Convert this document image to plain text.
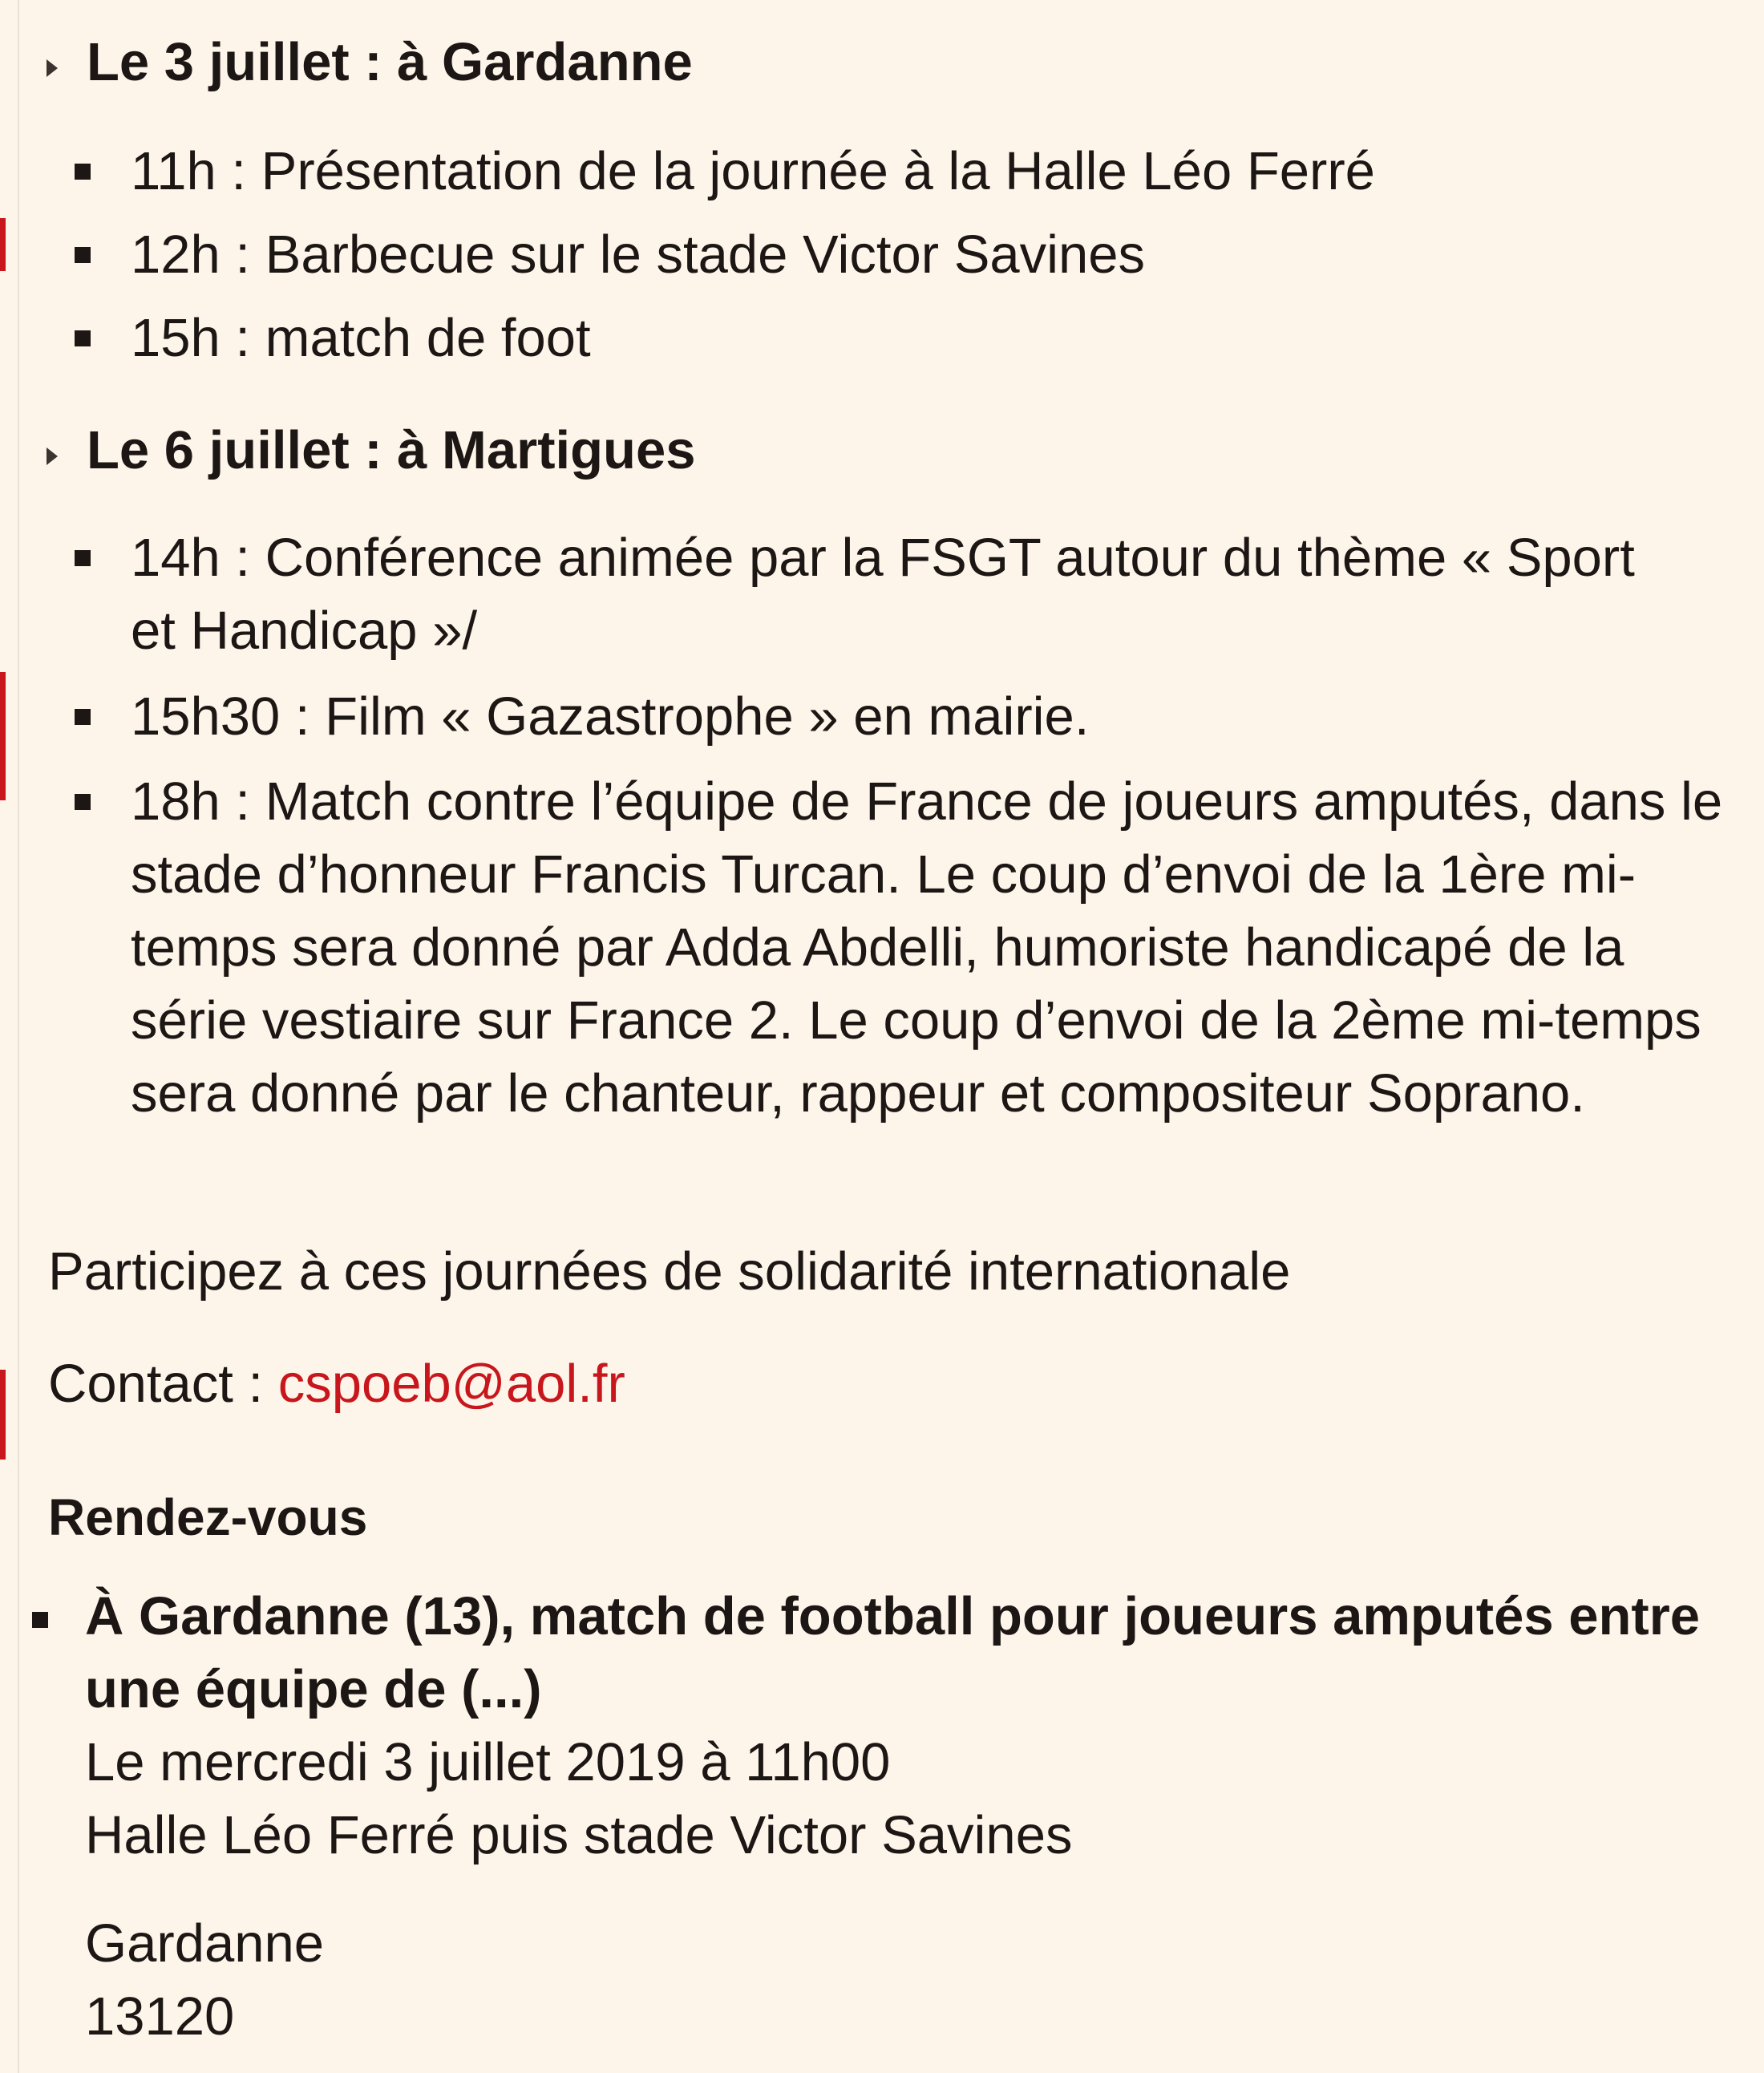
Le 3 juillet : à Gardanne
11h : Présentation de la journée à la Halle Léo Ferré
12h : Barbecue sur le stade Victor Savines
15h : match de foot
Le 6 juillet : à Martigues
14h : Conférence animée par la FSGT autour du thème « Sport et Handicap »/
15h30 : Film « Gazastrophe » en mairie.
18h : Match contre l’équipe de France de joueurs amputés, dans le stade d’honneur Francis Turcan. Le coup d’envoi de la 1ère mi-temps sera donné par Adda Abdelli, humoriste handicapé de la série vestiaire sur France 2. Le coup d’envoi de la 2ème mi-temps sera donné par le chanteur, rappeur et compositeur Soprano.
Participez à ces journées de solidarité internationale
Contact : cspoeb@aol.fr
Rendez-vous
À Gardanne (13), match de football pour joueurs amputés entre une équipe de (...)
Le mercredi 3 juillet 2019 à 11h00
Halle Léo Ferré puis stade Victor Savines
Gardanne
13120
